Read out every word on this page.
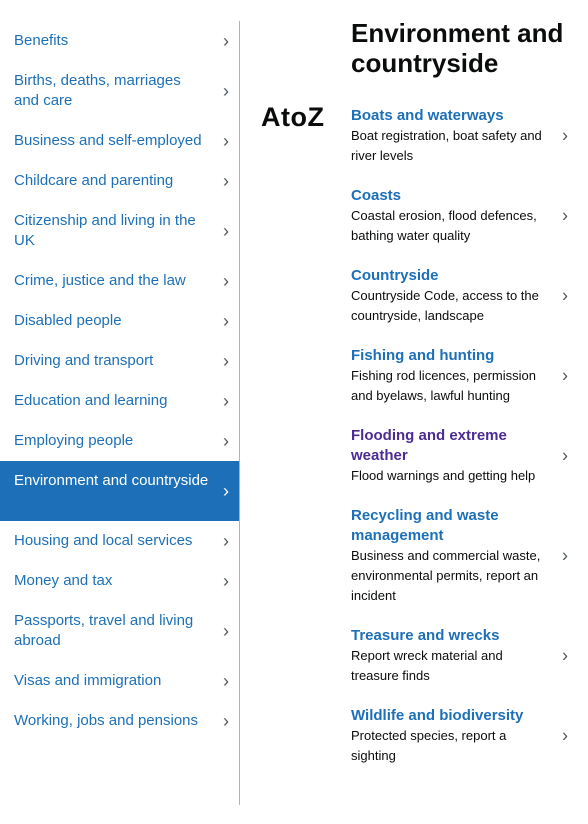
Benefits	›
Births, deaths, marriages and care	›
Business and self-employed ›
Childcare and parenting	›
Citizenship and living in the UK	›
Crime, justice and the law ›
Disabled people	›
Driving and transport	›
Education and learning	›
Employing people	›
Environment and countryside
›
Housing and local services ›
Money and tax	›
Passports, travel and living abroad	›
Visas and immigration	›
Working, jobs and pensions ›
AtoZ
Environment and countryside
Boats and waterways
Boat registration, boat safety and river levels
›
Coasts
Coastal erosion, flood defences, bathing water quality
›
Countryside
Countryside Code, access to the countryside, landscape
›
Fishing and hunting
Fishing rod licences, permission and byelaws, lawful hunting
›
Flooding and extreme weather
Flood warnings and getting help
›
Recycling and waste management
Business and commercial waste, environmental permits, report an incident
›
Treasure and wrecks
Report wreck material and treasure finds
›
Wildlife and biodiversity
Protected species, report a sighting
›
